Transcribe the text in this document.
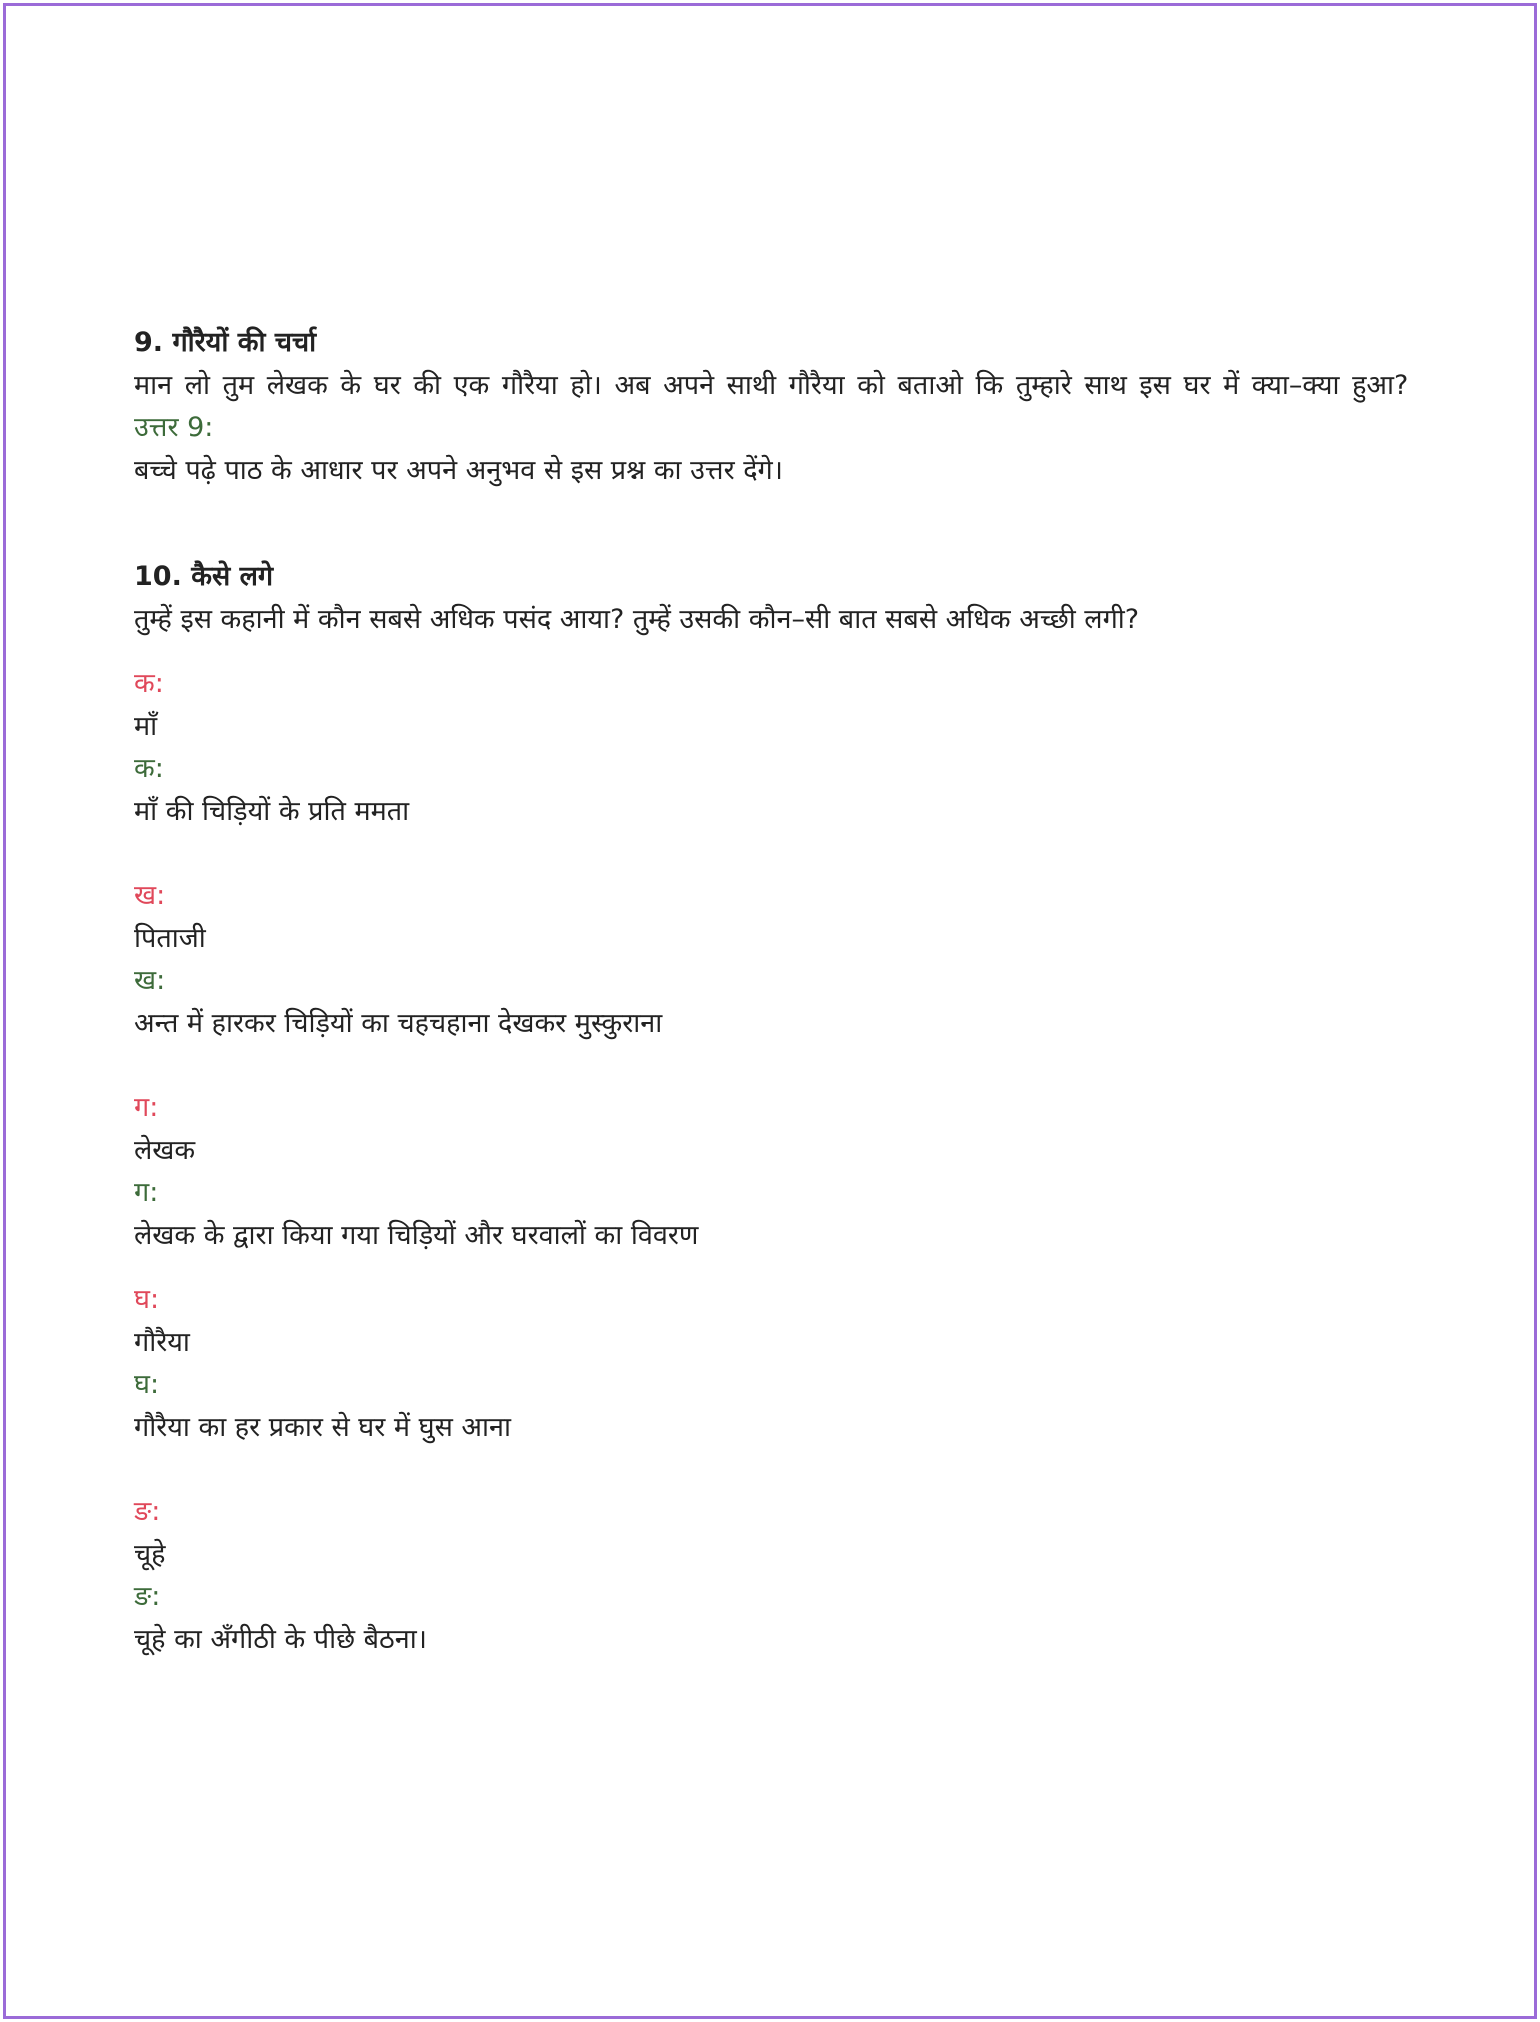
9. गौरैयों की चर्चा
मान लो तुम लेखक के घर की एक गौरैया हो। अब अपने साथी गौरैया को बताओ कि तुम्हारे साथ इस घर में क्या–क्या हुआ?
उत्तर 9:
बच्चे पढ़े पाठ के आधार पर अपने अनुभव से इस प्रश्न का उत्तर देंगे।
10. कैसे लगे
तुम्हें इस कहानी में कौन सबसे अधिक पसंद आया? तुम्हें उसकी कौन–सी बात सबसे अधिक अच्छी लगी?
क:
माँ
क:
माँ की चिड़ियों के प्रति ममता
ख:
पिताजी
ख:
अन्त में हारकर चिड़ियों का चहचहाना देखकर मुस्कुराना
ग:
लेखक
ग:
लेखक के द्वारा किया गया चिड़ियों और घरवालों का विवरण
घ:
गौरैया
घ:
गौरैया का हर प्रकार से घर में घुस आना
ङ:
चूहे
ङ:
चूहे का अँगीठी के पीछे बैठना।
